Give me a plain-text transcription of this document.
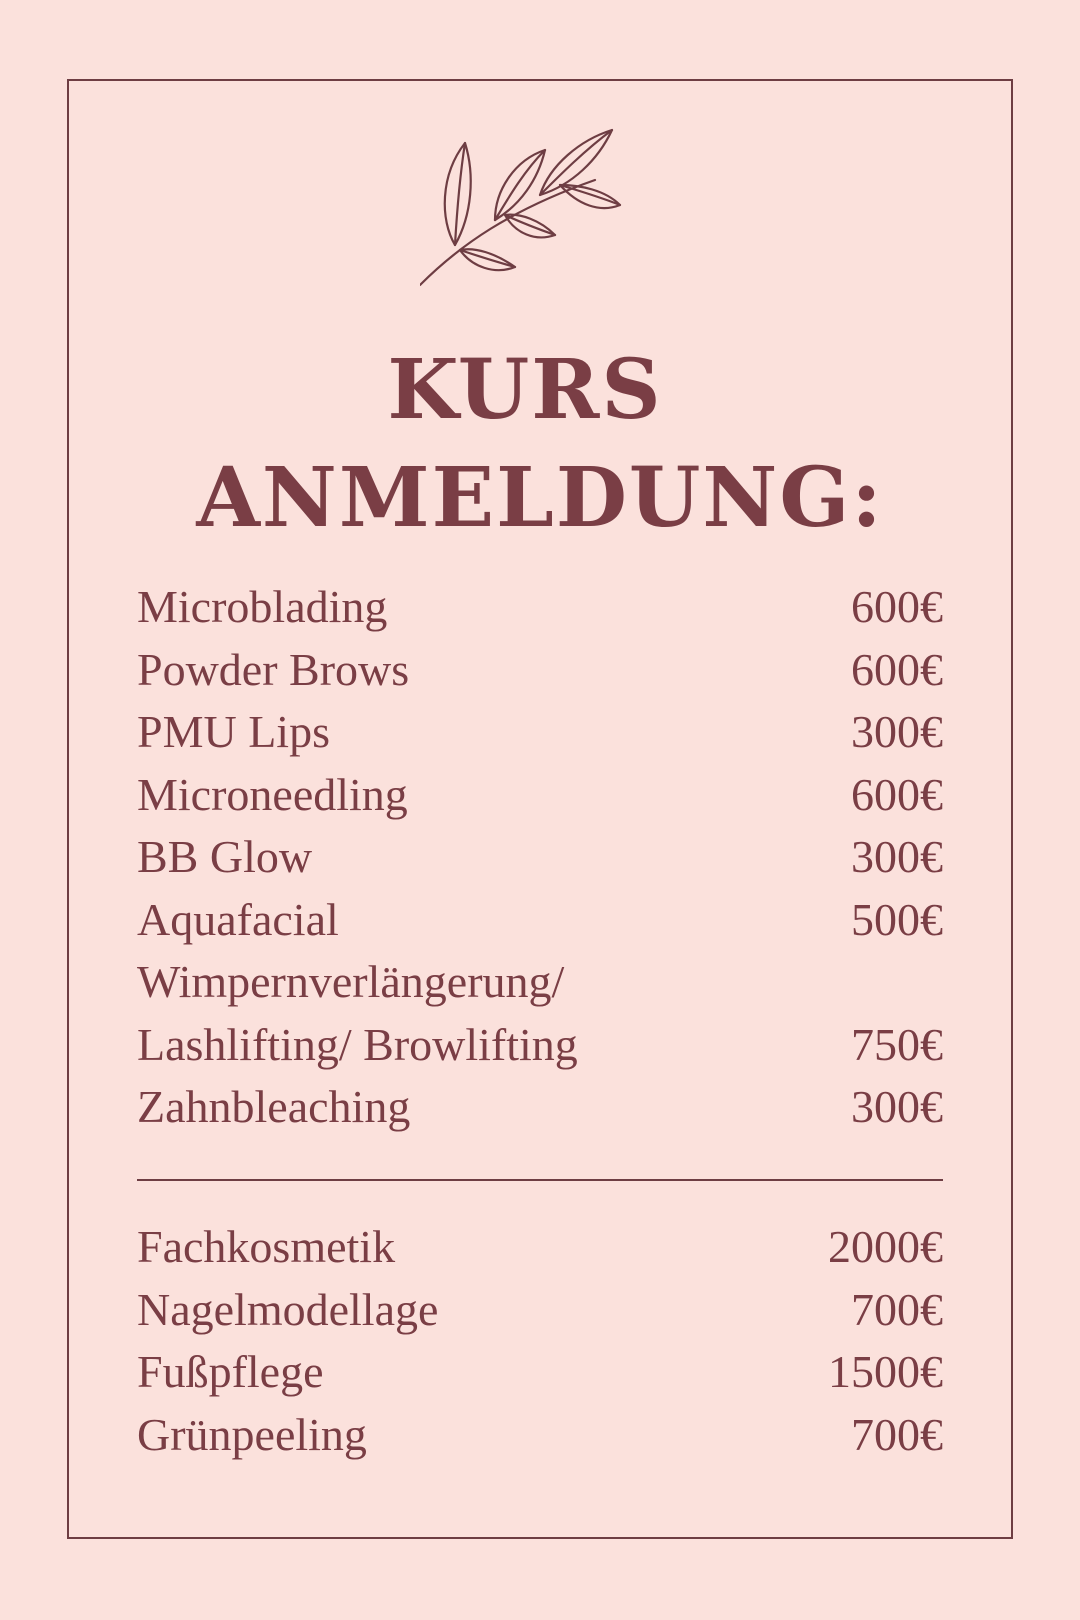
KURS
ANMELDUNG:
Microblading	600€
Powder Brows	600€
PMU Lips	300€
Microneedling	600€
BB Glow	300€
Aquafacial	500€
Wimpernverlängerung/
Lashlifting/ Browlifting	750€
Zahnbleaching	300€
Fachkosmetik	2000€
Nagelmodellage	700€
Fußpflege	1500€
Grünpeeling	700€
